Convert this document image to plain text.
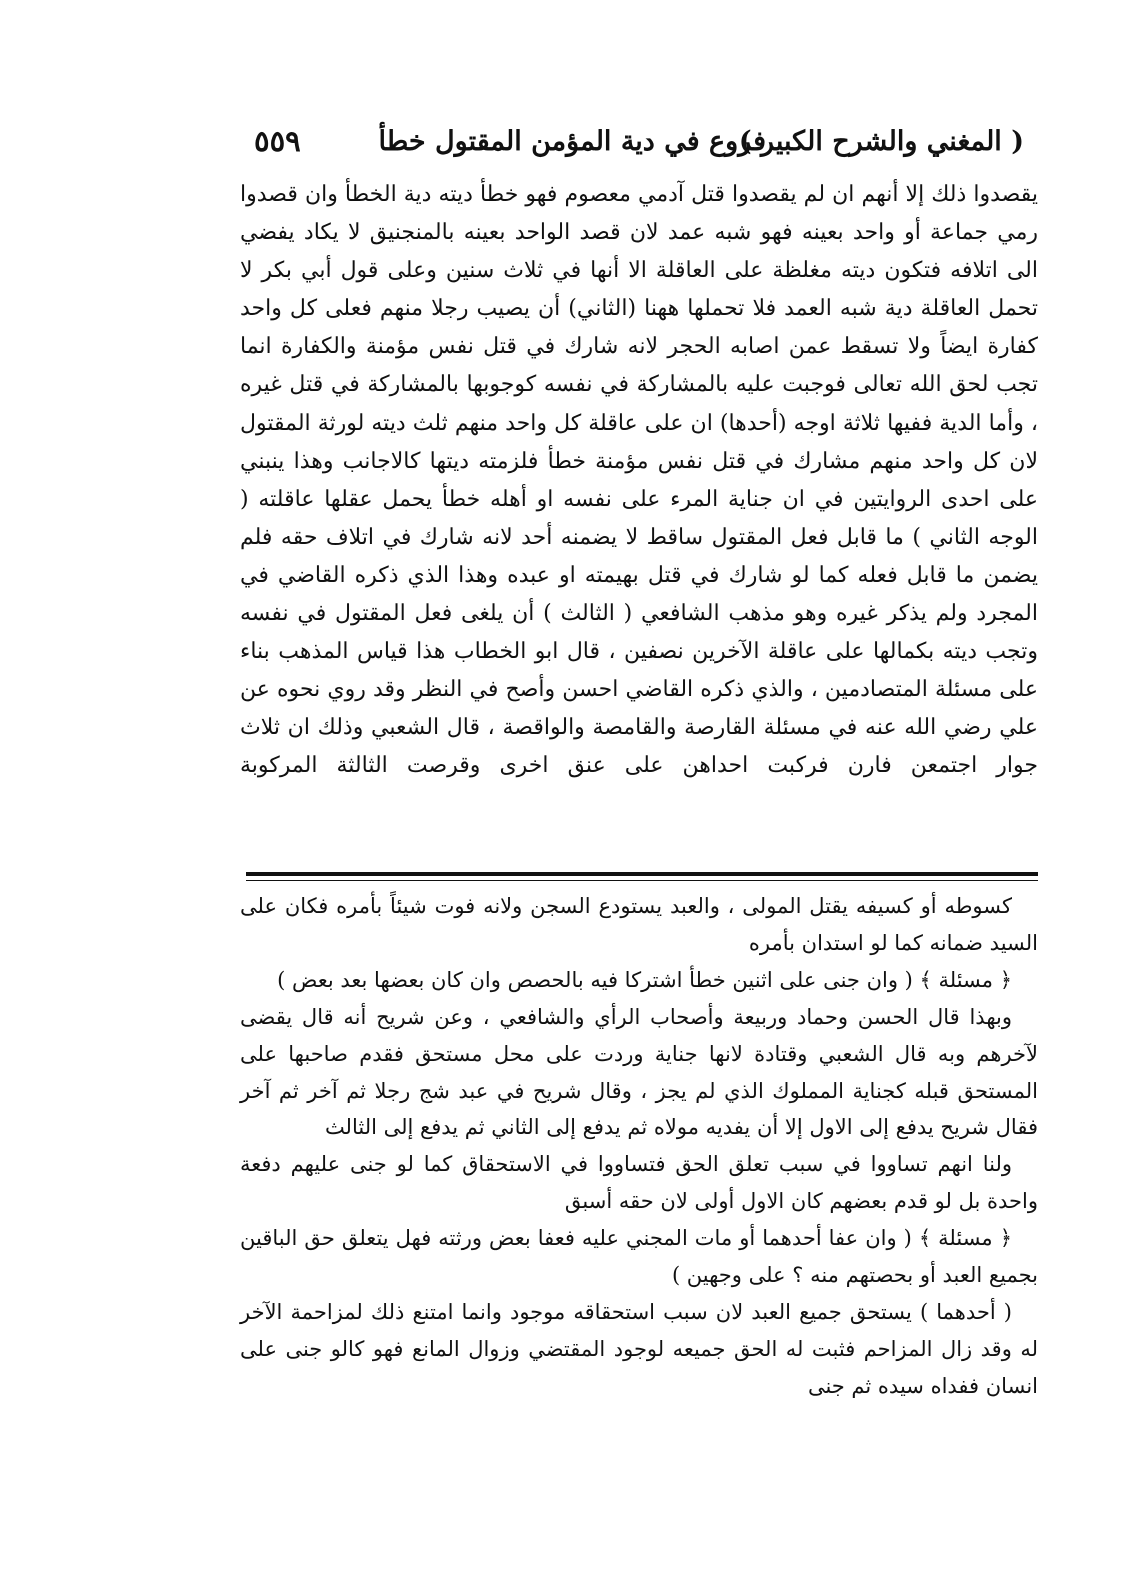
( المغني والشرح الكبير )
فروع في دية المؤمن المقتول خطأ
٥٥٩

يقصدوا ذلك إلا أنهم ان لم يقصدوا قتل آدمي معصوم فهو خطأ ديته دية الخطأ وان قصدوا رمي جماعة أو واحد بعينه فهو شبه عمد لان قصد الواحد بعينه بالمنجنيق لا يكاد يفضي الى اتلافه فتكون ديته مغلظة على العاقلة الا أنها في ثلاث سنين وعلى قول أبي بكر لا تحمل العاقلة دية شبه العمد فلا تحملها ههنا (الثاني) أن يصيب رجلا منهم فعلى كل واحد كفارة ايضاً ولا تسقط عمن اصابه الحجر لانه شارك في قتل نفس مؤمنة والكفارة انما تجب لحق الله تعالى فوجبت عليه بالمشاركة في نفسه كوجوبها بالمشاركة في قتل غيره ، وأما الدية ففيها ثلاثة اوجه (أحدها) ان على عاقلة كل واحد منهم ثلث ديته لورثة المقتول لان كل واحد منهم مشارك في قتل نفس مؤمنة خطأ فلزمته ديتها كالاجانب وهذا ينبني على احدى الروايتين في ان جناية المرء على نفسه او أهله خطأ يحمل عقلها عاقلته ( الوجه الثاني ) ما قابل فعل المقتول ساقط لا يضمنه أحد لانه شارك في اتلاف حقه فلم يضمن ما قابل فعله كما لو شارك في قتل بهيمته او عبده وهذا الذي ذكره القاضي في المجرد ولم يذكر غيره وهو مذهب الشافعي ( الثالث ) أن يلغى فعل المقتول في نفسه وتجب ديته بكمالها على عاقلة الآخرين نصفين ، قال ابو الخطاب هذا قياس المذهب بناء على مسئلة المتصادمين ، والذي ذكره القاضي احسن وأصح في النظر وقد روي نحوه عن علي رضي الله عنه في مسئلة القارصة والقامصة والواقصة ، قال الشعبي وذلك ان ثلاث جوار اجتمعن فارن فركبت احداهن على عنق اخرى وقرصت الثالثة المركوبة

كسوطه أو كسيفه يقتل المولى ، والعبد يستودع السجن ولانه فوت شيئاً بأمره فكان على السيد ضمانه كما لو استدان بأمره

﴿ مسئلة ﴾ ( وان جنى على اثنين خطأ اشتركا فيه بالحصص وان كان بعضها بعد بعض )

وبهذا قال الحسن وحماد وربيعة وأصحاب الرأي والشافعي ، وعن شريح أنه قال يقضى لآخرهم وبه قال الشعبي وقتادة لانها جناية وردت على محل مستحق فقدم صاحبها على المستحق قبله كجناية المملوك الذي لم يجز ، وقال شريح في عبد شج رجلا ثم آخر ثم آخر فقال شريح يدفع إلى الاول إلا أن يفديه مولاه ثم يدفع إلى الثاني ثم يدفع إلى الثالث

ولنا انهم تساووا في سبب تعلق الحق فتساووا في الاستحقاق كما لو جنى عليهم دفعة واحدة بل لو قدم بعضهم كان الاول أولى لان حقه أسبق

﴿ مسئلة ﴾ ( وان عفا أحدهما أو مات المجني عليه فعفا بعض ورثته فهل يتعلق حق الباقين بجميع العبد أو بحصتهم منه ؟ على وجهين )

( أحدهما ) يستحق جميع العبد لان سبب استحقاقه موجود وانما امتنع ذلك لمزاحمة الآخر له وقد زال المزاحم فثبت له الحق جميعه لوجود المقتضي وزوال المانع فهو كالو جنى على انسان ففداه سيده ثم جنى
